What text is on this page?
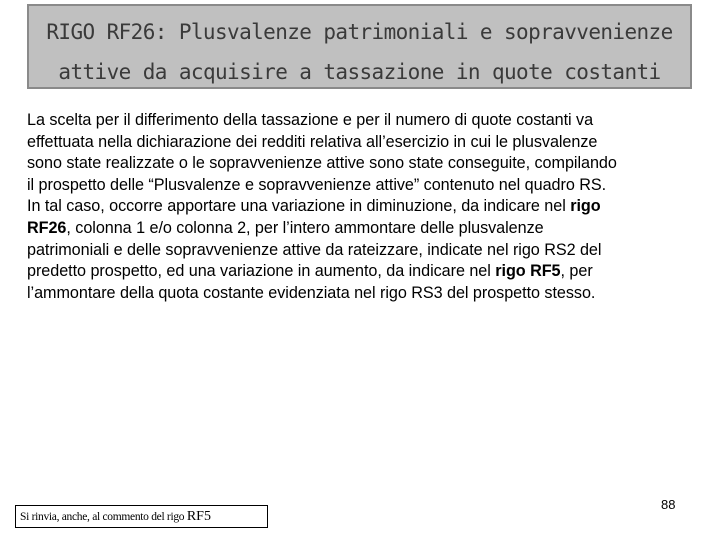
RIGO RF26: Plusvalenze patrimoniali e sopravvenienze
attive da acquisire a tassazione in quote costanti

La scelta per il differimento della tassazione e per il numero di quote costanti va
effettuata nella dichiarazione dei redditi relativa all’esercizio in cui le plusvalenze
sono state realizzate o le sopravvenienze attive sono state conseguite, compilando
il prospetto delle “Plusvalenze e sopravvenienze attive” contenuto nel quadro RS.
In tal caso, occorre apportare una variazione in diminuzione, da indicare nel rigo
RF26, colonna 1 e/o colonna 2, per l’intero ammontare delle plusvalenze
patrimoniali e delle sopravvenienze attive da rateizzare, indicate nel rigo RS2 del
predetto prospetto, ed una variazione in aumento, da indicare nel rigo RF5, per
l’ammontare della quota costante evidenziata nel rigo RS3 del prospetto stesso.

Si rinvia, anche, al commento del rigo RF5
88
